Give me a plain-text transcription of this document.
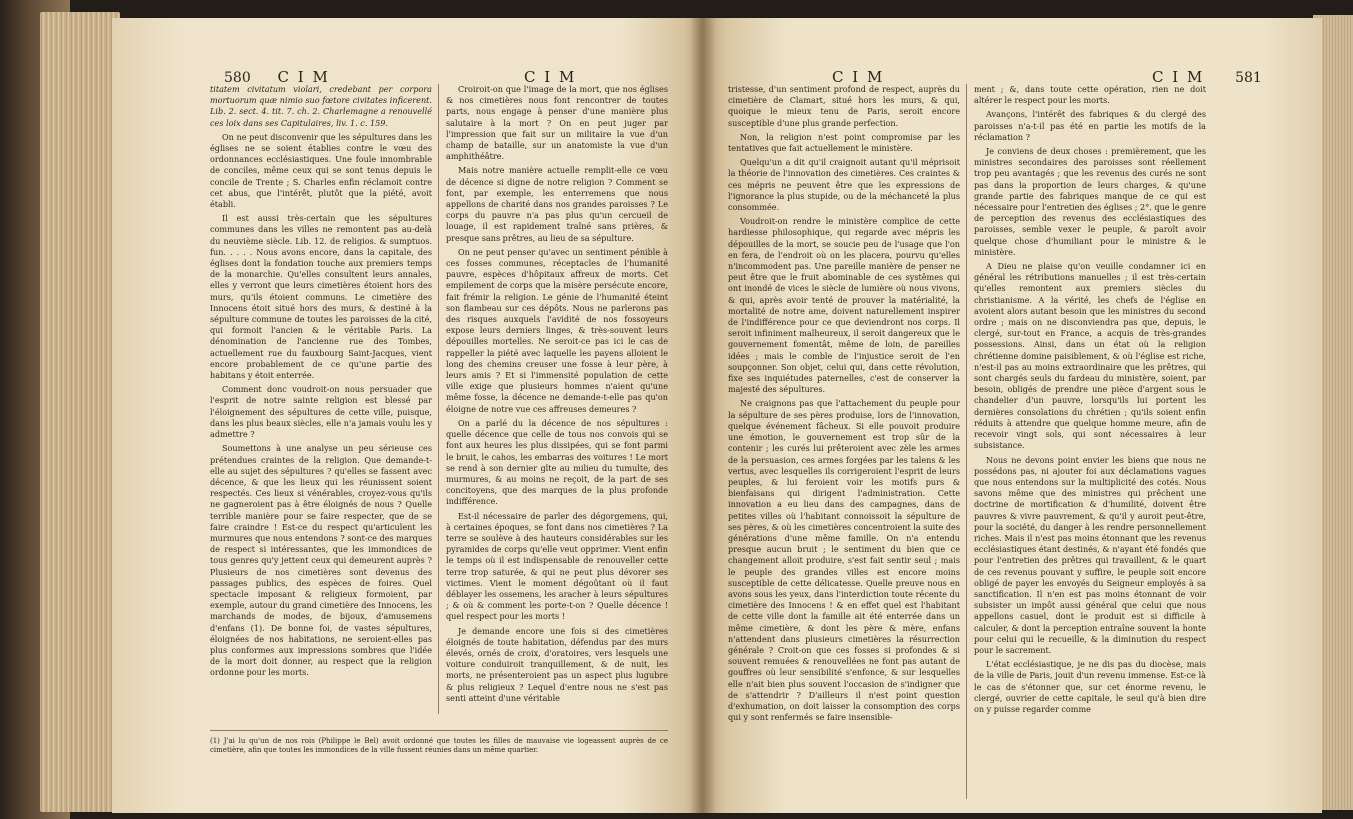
580 C I M	C I M

titatem civitatum violari, credebant per corpora mortuorum quæ nimio suo fœtore civitates inficerent. Lib. 2. sect. 4. tit. 7. ch. 2. Charlemagne a renouvellé ces loix dans ses Capitulaires, liv. 1. c. 159.

On ne peut disconvenir que les sépultures dans les églises ne se soient établies contre le vœu des ordonnances ecclésiastiques. Une foule innombrable de conciles, même ceux qui se sont tenus depuis le concile de Trente ; S. Charles enfin réclamoit contre cet abus, que l'intérêt, plutôt que la piété, avoit établi.

Il est aussi très-certain que les sépultures communes dans les villes ne remontent pas au-delà du neuvième siècle. Lib. 12. de religios. & sumptuos. fun. . . . . Nous avons encore, dans la capitale, des églises dont la fondation touche aux premiers temps de la monarchie. Qu'elles consultent leurs annales, elles y verront que leurs cimetières étoient hors des murs, qu'ils étoient communs. Le cimetière des Innocens étoit situé hors des murs, & destiné à la sépulture commune de toutes les paroisses de la cité, qui formoit l'ancien & le véritable Paris. La dénomination de l'ancienne rue des Tombes, actuellement rue du fauxbourg Saint-Jacques, vient encore probablement de ce qu'une partie des habitans y étoit enterrée.

Comment donc voudroit-on nous persuader que l'esprit de notre sainte religion est blessé par l'éloignement des sépultures de cette ville, puisque, dans les plus beaux siècles, elle n'a jamais voulu les y admettre ?

Soumettons à une analyse un peu sérieuse ces prétendues craintes de la religion. Que demande-t-elle au sujet des sépultures ? qu'elles se fassent avec décence, & que les lieux qui les réunissent soient respectés. Ces lieux si vénérables, croyez-vous qu'ils ne gagneroient pas à être éloignés de nous ? Quelle terrible manière pour se faire respecter, que de se faire craindre ! Est-ce du respect qu'articulent les murmures que nous entendons ? sont-ce des marques de respect si intéressantes, que les immondices de tous genres qu'y jettent ceux qui demeurent auprès ? Plusieurs de nos cimetières sont devenus des passages publics, des espèces de foires. Quel spectacle imposant & religieux formoient, par exemple, autour du grand cimetière des Innocens, les marchands de modes, de bijoux, d'amusemens d'enfans (1). De bonne foi, de vastes sépultures, éloignées de nos habitations, ne seroient-elles pas plus conformes aux impressions sombres que l'idée de la mort doit donner, au respect que la religion ordonne pour les morts.

Croiroit-on que l'image de la mort, que nos églises & nos cimetières nous font rencontrer de toutes parts, nous engage à penser d'une manière plus salutaire à la mort ? On en peut juger par l'impression que fait sur un militaire la vue d'un champ de bataille, sur un anatomiste la vue d'un amphithéâtre.

Mais notre manière actuelle remplit-elle ce vœu de décence si digne de notre religion ? Comment se font, par exemple, les enterremens que nous appellons de charité dans nos grandes paroisses ? Le corps du pauvre n'a pas plus qu'un cercueil de louage, il est rapidement traîné sans prières, & presque sans prêtres, au lieu de sa sépulture.

On ne peut penser qu'avec un sentiment pénible à ces fosses communes, réceptacles de l'humanité pauvre, espèces d'hôpitaux affreux de morts. Cet empilement de corps que la misère persécute encore, fait frémir la religion. Le génie de l'humanité éteint son flambeau sur ces dépôts. Nous ne parlerons pas des risques auxquels l'avidité de nos fossoyeurs expose leurs derniers linges, & très-souvent leurs dépouilles mortelles. Ne seroit-ce pas ici le cas de rappeller la piété avec laquelle les payens alloient le long des chemins creuser une fosse à leur père, à leurs amis ? Et si l'immensité population de cette ville exige que plusieurs hommes n'aient qu'une même fosse, la décence ne demande-t-elle pas qu'on éloigne de notre vue ces affreuses demeures ?

On a parlé du la décence de nos sépultures : quelle décence que celle de tous nos convois qui se font aux heures les plus dissipées, qui se font parmi le bruit, le cahos, les embarras des voitures ! Le mort se rend à son dernier gîte au milieu du tumulte, des murmures, & au moins ne reçoit, de la part de ses concitoyens, que des marques de la plus profonde indifférence.

Est-il nécessaire de parler des dégorgemens, qui, à certaines époques, se font dans nos cimetières ? La terre se soulève à des hauteurs considérables sur les pyramides de corps qu'elle veut opprimer. Vient enfin le temps où il est indispensable de renouveller cette terre trop saturée, & qui ne peut plus dévorer ses victimes. Vient le moment dégoûtant où il faut déblayer les ossemens, les aracher à leurs sépultures ; & où & comment les porte-t-on ? Quelle décence ! quel respect pour les morts !

Je demande encore une fois si des cimetières éloignés de toute habitation, défendus par des murs élevés, ornés de croix, d'oratoires, vers lesquels une voiture conduiroit tranquillement, & de nuit, les morts, ne présenteroient pas un aspect plus lugubre & plus religieux ? Lequel d'entre nous ne s'est pas senti atteint d'une véritable

(1) J'ai lu qu'un de nos rois (Philippe le Bel) avoit ordonné que toutes les filles de mauvaise vie logeassent auprès de ce cimetière, afin que toutes les immondices de la ville fussent réunies dans un même quartier.
C I M	C I M 581

tristesse, d'un sentiment profond de respect, auprès du cimetière de Clamart, situé hors les murs, & qui, quoique le mieux tenu de Paris, seroit encore susceptible d'une plus grande perfection.

Non, la religion n'est point compromise par les tentatives que fait actuellement le ministère.

Quelqu'un a dit qu'il craignoit autant qu'il méprisoit la théorie de l'innovation des cimetières. Ces craintes & ces mépris ne peuvent être que les expressions de l'ignorance la plus stupide, ou de la méchanceté la plus consommée.

Voudroit-on rendre le ministère complice de cette hardiesse philosophique, qui regarde avec mépris les dépouilles de la mort, se soucie peu de l'usage que l'on en fera, de l'endroit où on les placera, pourvu qu'elles n'incommodent pas. Une pareille manière de penser ne peut être que le fruit abominable de ces systêmes qui ont inondé de vices le siècle de lumière où nous vivons, & qui, après avoir tenté de prouver la matérialité, la mortalité de notre ame, doivent naturellement inspirer de l'indifférence pour ce que deviendront nos corps. Il seroit infiniment malheureux, il seroit dangereux que le gouvernement fomentât, même de loin, de pareilles idées ; mais le comble de l'injustice seroit de l'en soupçonner. Son objet, celui qui, dans cette révolution, fixe ses inquiétudes paternelles, c'est de conserver la majesté des sépultures.

Ne craignons pas que l'attachement du peuple pour la sépulture de ses pères produise, lors de l'innovation, quelque événement fâcheux. Si elle pouvoit produire une émotion, le gouvernement est trop sûr de la contenir ; les curés lui prêteroient avec zèle les armes de la persuasion, ces armes forgées par les talens & les vertus, avec lesquelles ils corrigeroient l'esprit de leurs peuples, & lui feroient voir les motifs purs & bienfaisans qui dirigent l'administration. Cette innovation a eu lieu dans des campagnes, dans de petites villes où l'habitant connoissoit la sépulture de ses pères, & où les cimetières concentroient la suite des générations d'une même famille. On n'a entendu presque aucun bruit ; le sentiment du bien que ce changement alloit produire, s'est fait sentir seul ; mais le peuple des grandes villes est encore moins susceptible de cette délicatesse. Quelle preuve nous en avons sous les yeux, dans l'interdiction toute récente du cimetière des Innocens ! & en effet quel est l'habitant de cette ville dont la famille ait été enterrée dans un même cimetière, & dont les père & mère, enfans n'attendent dans plusieurs cimetières la résurrection générale ? Croit-on que ces fosses si profondes & si souvent remuées & renouvellées ne font pas autant de gouffres où leur sensibilité s'enfonce, & sur lesquelles elle n'ait bien plus souvent l'occasion de s'indigner que de s'attendrir ? D'ailleurs il n'est point question d'exhumation, on doit laisser la consomption des corps qui y sont renfermés se faire insensible-

ment ; &, dans toute cette opération, rien ne doit altérer le respect pour les morts.

Avançons, l'intérêt des fabriques & du clergé des paroisses n'a-t-il pas été en partie les motifs de la réclamation ?

Je conviens de deux choses : premièrement, que les ministres secondaires des paroisses sont réellement trop peu avantagés ; que les revenus des curés ne sont pas dans la proportion de leurs charges, & qu'une grande partie des fabriques manque de ce qui est nécessaire pour l'entretien des églises ; 2°. que le genre de perception des revenus des ecclésiastiques des paroisses, semble vexer le peuple, & paroît avoir quelque chose d'humiliant pour le ministre & le ministère.

A Dieu ne plaise qu'on veuille condamner ici en général les rétributions manuelles ; il est très-certain qu'elles remontent aux premiers siècles du christianisme. A la vérité, les chefs de l'église en avoient alors autant besoin que les ministres du second ordre ; mais on ne disconviendra pas que, depuis, le clergé, sur-tout en France, a acquis de très-grandes possessions. Ainsi, dans un état où la religion chrétienne domine paisiblement, & où l'église est riche, n'est-il pas au moins extraordinaire que les prêtres, qui sont chargés seuls du fardeau du ministère, soient, par besoin, obligés de prendre une pièce d'argent sous le chandelier d'un pauvre, lorsqu'ils lui portent les dernières consolations du chrétien ; qu'ils soient enfin réduits à attendre que quelque homme meure, afin de recevoir vingt sols, qui sont nécessaires à leur subsistance.

Nous ne devons point envier les biens que nous ne possédons pas, ni ajouter foi aux déclamations vagues que nous entendons sur la multiplicité des cotés. Nous savons même que des ministres qui prêchent une doctrine de mortification & d'humilité, doivent être pauvres & vivre pauvrement, & qu'il y auroit peut-être, pour la société, du danger à les rendre personnellement riches. Mais il n'est pas moins étonnant que les revenus ecclésiastiques étant destinés, & n'ayant été fondés que pour l'entretien des prêtres qui travaillent, & le quart de ces revenus pouvant y suffire, le peuple soit encore obligé de payer les envoyés du Seigneur employés à sa sanctification. Il n'en est pas moins étonnant de voir subsister un impôt aussi général que celui que nous appellons casuel, dont le produit est si difficile à calculer, & dont la perception entraîne souvent la honte pour celui qui le recueille, & la diminution du respect pour le sacrement.

L'état ecclésiastique, je ne dis pas du diocèse, mais de la ville de Paris, jouit d'un revenu immense. Est-ce là le cas de s'étonner que, sur cet énorme revenu, le clergé, ouvrier de cette capitale, le seul qu'à bien dire on y puisse regarder comme
